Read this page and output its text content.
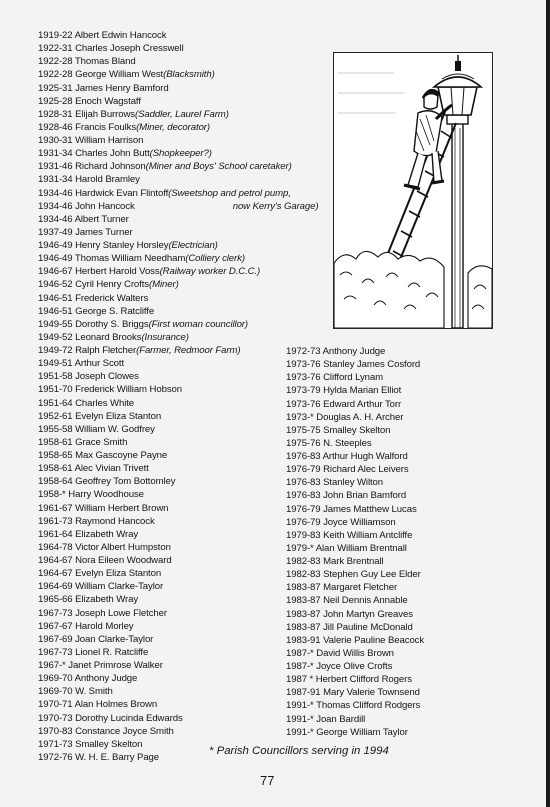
1919-22 Albert Edwin Hancock
1922-31 Charles Joseph Cresswell
1922-28 Thomas Bland
1922-28 George William West(Blacksmith)
1925-31 James Henry Bamford
1925-28 Enoch Wagstaff
1928-31 Elijah Burrows(Saddler, Laurel Farm)
1928-46 Francis Foulks(Miner, decorator)
1930-31 William Harrison
1931-34 Charles John Butt(Shopkeeper?)
1931-46 Richard Johnson(Miner and Boys' School caretaker)
1931-34 Harold Bramley
1934-46 Hardwick Evan Flintoff(Sweetshop and petrol pump,
1934-46 John Hancock	now Kerry's Garage)
1934-46 Albert Turner
1937-49 James Turner
1946-49 Henry Stanley Horsley(Electrician)
1946-49 Thomas William Needham(Colliery clerk)
1946-67 Herbert Harold Voss(Railway worker D.C.C.)
1946-52 Cyril Henry Crofts(Miner)
1946-51 Frederick Walters
1946-51 George S. Ratcliffe
1949-55 Dorothy S. Briggs(First woman councillor)
1949-52 Leonard Brooks(Insurance)
1949-72 Ralph Fletcher(Farmer, Redmoor Farm)
1949-51 Arthur Scott
1951-58 Joseph Clowes
1951-70 Frederick William Hobson
1951-64 Charles White
1952-61 Evelyn Eliza Stanton
1955-58 William W. Godfrey
1958-61 Grace Smith
1958-65 Max Gascoyne Payne
1958-61 Alec Vivian Trivett
1958-64 Geoffrey Tom Bottomley
1958-* Harry Woodhouse
1961-67 William Herbert Brown
1961-73 Raymond Hancock
1961-64 Elizabeth Wray
1964-78 Victor Albert Humpston
1964-67 Nora Eileen Woodward
1964-67 Evelyn Eliza Stanton
1964-69 William Clarke-Taylor
1965-66 Elizabeth Wray
1967-73 Joseph Lowe Fletcher
1967-67 Harold Morley
1967-69 Joan Clarke-Taylor
1967-73 Lionel R. Ratcliffe
1967-* Janet Primrose Walker
1969-70 Anthony Judge
1969-70 W. Smith
1970-71 Alan Holmes Brown
1970-73 Dorothy Lucinda Edwards
1970-83 Constance Joyce Smith
1971-73 Smalley Skelton
1972-76 W. H. E. Barry Page
1972-73 Anthony Judge
1973-76 Stanley James Cosford
1973-76 Clifford Lynam
1973-79 Hylda Marian Elliot
1973-76 Edward Arthur Torr
1973-* Douglas A. H. Archer
1975-75 Smalley Skelton
1975-76 N. Steeples
1976-83 Arthur Hugh Walford
1976-79 Richard Alec Leivers
1976-83 Stanley Wilton
1976-83 John Brian Bamford
1976-79 James Matthew Lucas
1976-79 Joyce Williamson
1979-83 Keith William Antcliffe
1979-* Alan William Brentnall
1982-83 Mark Brentnall
1982-83 Stephen Guy Lee Elder
1983-87 Margaret Fletcher
1983-87 Neil Dennis Annable
1983-87 John Martyn Greaves
1983-87 Jill Pauline McDonald
1983-91 Valerie Pauline Beacock
1987-* David Willis Brown
1987-* Joyce Olive Crofts
1987 * Herbert Clifford Rogers
1987-91 Mary Valerie Townsend
1991-* Thomas Clifford Rodgers
1991-* Joan Bardill
1991-* George William Taylor
* Parish Councillors serving in 1994
77
